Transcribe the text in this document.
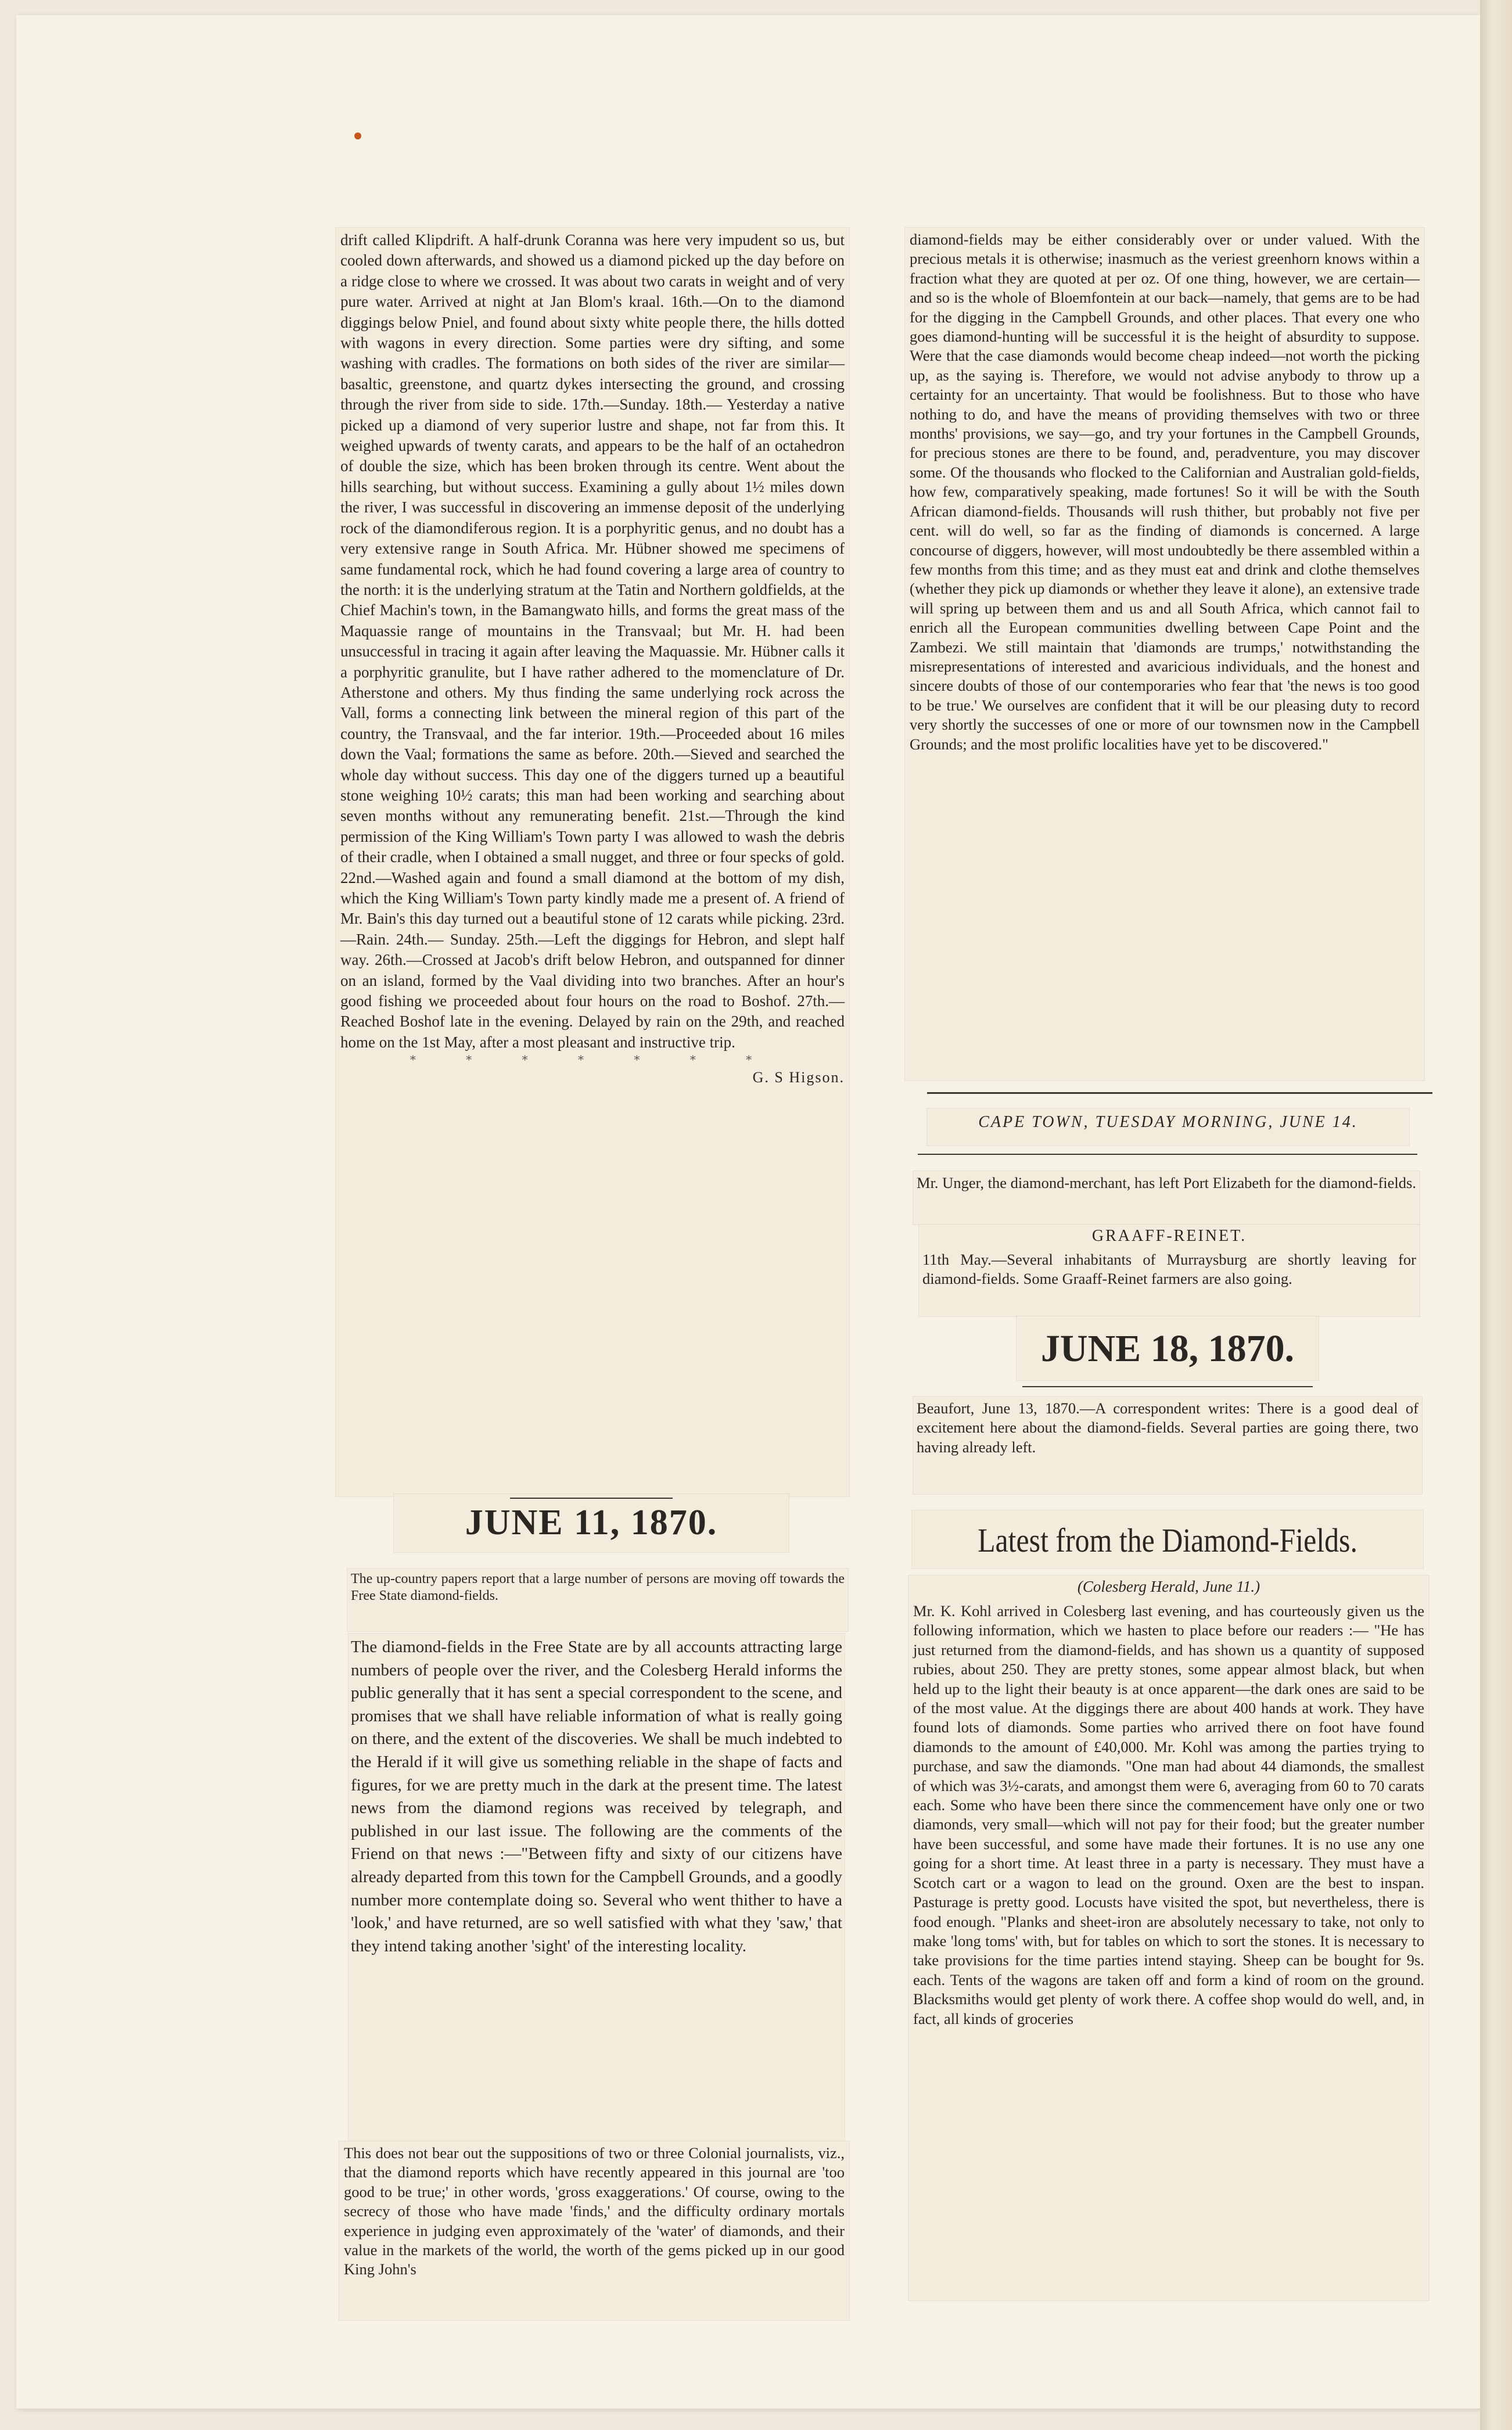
drift called Klipdrift. A half-drunk Coranna was here very impudent so us, but cooled down afterwards, and showed us a diamond picked up the day before on a ridge close to where we crossed. It was about two carats in weight and of very pure water. Arrived at night at Jan Blom's kraal. 16th.—On to the diamond diggings below Pniel, and found about sixty white people there, the hills dotted with wagons in every direction. Some parties were dry sifting, and some washing with cradles. The formations on both sides of the river are similar—basaltic, greenstone, and quartz dykes intersecting the ground, and crossing through the river from side to side. 17th.—Sunday. 18th.— Yesterday a native picked up a diamond of very superior lustre and shape, not far from this. It weighed upwards of twenty carats, and appears to be the half of an octahedron of double the size, which has been broken through its centre. Went about the hills searching, but without success. Examining a gully about 1½ miles down the river, I was successful in discovering an immense deposit of the underlying rock of the diamondiferous region. It is a porphyritic genus, and no doubt has a very extensive range in South Africa. Mr. Hübner showed me specimens of same fundamental rock, which he had found covering a large area of country to the north: it is the underlying stratum at the Tatin and Northern goldfields, at the Chief Machin's town, in the Bamangwato hills, and forms the great mass of the Maquassie range of mountains in the Transvaal; but Mr. H. had been unsuccessful in tracing it again after leaving the Maquassie. Mr. Hübner calls it a porphyritic granulite, but I have rather adhered to the momenclature of Dr. Atherstone and others. My thus finding the same underlying rock across the Vall, forms a connecting link between the mineral region of this part of the country, the Transvaal, and the far interior. 19th.—Proceeded about 16 miles down the Vaal; formations the same as before. 20th.—Sieved and searched the whole day without success. This day one of the diggers turned up a beautiful stone weighing 10½ carats; this man had been working and searching about seven months without any remunerating benefit. 21st.—Through the kind permission of the King William's Town party I was allowed to wash the debris of their cradle, when I obtained a small nugget, and three or four specks of gold. 22nd.—Washed again and found a small diamond at the bottom of my dish, which the King William's Town party kindly made me a present of. A friend of Mr. Bain's this day turned out a beautiful stone of 12 carats while picking. 23rd.—Rain. 24th.— Sunday. 25th.—Left the diggings for Hebron, and slept half way. 26th.—Crossed at Jacob's drift below Hebron, and outspanned for dinner on an island, formed by the Vaal dividing into two branches. After an hour's good fishing we proceeded about four hours on the road to Boshof. 27th.—Reached Boshof late in the evening. Delayed by rain on the 29th, and reached home on the 1st May, after a most pleasant and instructive trip.

* * * * * * *
G. S Higson.
JUNE 11, 1870.

The up-country papers report that a large number of persons are moving off towards the Free State diamond-fields.

The diamond-fields in the Free State are by all accounts attracting large numbers of people over the river, and the Colesberg Herald informs the public generally that it has sent a special correspondent to the scene, and promises that we shall have reliable information of what is really going on there, and the extent of the discoveries. We shall be much indebted to the Herald if it will give us something reliable in the shape of facts and figures, for we are pretty much in the dark at the present time. The latest news from the diamond regions was received by telegraph, and published in our last issue. The following are the comments of the Friend on that news :—"Between fifty and sixty of our citizens have already departed from this town for the Campbell Grounds, and a goodly number more contemplate doing so. Several who went thither to have a 'look,' and have returned, are so well satisfied with what they 'saw,' that they intend taking another 'sight' of the interesting locality.

This does not bear out the suppositions of two or three Colonial journalists, viz., that the diamond reports which have recently appeared in this journal are 'too good to be true;' in other words, 'gross exaggerations.' Of course, owing to the secrecy of those who have made 'finds,' and the difficulty ordinary mortals experience in judging even approximately of the 'water' of diamonds, and their value in the markets of the world, the worth of the gems picked up in our good King John's

diamond-fields may be either considerably over or under valued. With the precious metals it is otherwise; inasmuch as the veriest greenhorn knows within a fraction what they are quoted at per oz. Of one thing, however, we are certain—and so is the whole of Bloemfontein at our back—namely, that gems are to be had for the digging in the Campbell Grounds, and other places. That every one who goes diamond-hunting will be successful it is the height of absurdity to suppose. Were that the case diamonds would become cheap indeed—not worth the picking up, as the saying is. Therefore, we would not advise anybody to throw up a certainty for an uncertainty. That would be foolishness. But to those who have nothing to do, and have the means of providing themselves with two or three months' provisions, we say—go, and try your fortunes in the Campbell Grounds, for precious stones are there to be found, and, peradventure, you may discover some. Of the thousands who flocked to the Californian and Australian gold-fields, how few, comparatively speaking, made fortunes! So it will be with the South African diamond-fields. Thousands will rush thither, but probably not five per cent. will do well, so far as the finding of diamonds is concerned. A large concourse of diggers, however, will most undoubtedly be there assembled within a few months from this time; and as they must eat and drink and clothe themselves (whether they pick up diamonds or whether they leave it alone), an extensive trade will spring up between them and us and all South Africa, which cannot fail to enrich all the European communities dwelling between Cape Point and the Zambezi. We still maintain that 'diamonds are trumps,' notwithstanding the misrepresentations of interested and avaricious individuals, and the honest and sincere doubts of those of our contemporaries who fear that 'the news is too good to be true.' We ourselves are confident that it will be our pleasing duty to record very shortly the successes of one or more of our townsmen now in the Campbell Grounds; and the most prolific localities have yet to be discovered."

CAPE TOWN, TUESDAY MORNING, JUNE 14.

Mr. Unger, the diamond-merchant, has left Port Elizabeth for the diamond-fields.

GRAAFF-REINET.

11th May.—Several inhabitants of Murraysburg are shortly leaving for diamond-fields. Some Graaff-Reinet farmers are also going.

JUNE 18, 1870.

Beaufort, June 13, 1870.—A correspondent writes: There is a good deal of excitement here about the diamond-fields. Several parties are going there, two having already left.

Latest from the Diamond-Fields.
(Colesberg Herald, June 11.)

Mr. K. Kohl arrived in Colesberg last evening, and has courteously given us the following information, which we hasten to place before our readers :— "He has just returned from the diamond-fields, and has shown us a quantity of supposed rubies, about 250. They are pretty stones, some appear almost black, but when held up to the light their beauty is at once apparent—the dark ones are said to be of the most value. At the diggings there are about 400 hands at work. They have found lots of diamonds. Some parties who arrived there on foot have found diamonds to the amount of £40,000. Mr. Kohl was among the parties trying to purchase, and saw the diamonds. "One man had about 44 diamonds, the smallest of which was 3½-carats, and amongst them were 6, averaging from 60 to 70 carats each. Some who have been there since the commencement have only one or two diamonds, very small—which will not pay for their food; but the greater number have been successful, and some have made their fortunes. It is no use any one going for a short time. At least three in a party is necessary. They must have a Scotch cart or a wagon to lead on the ground. Oxen are the best to inspan. Pasturage is pretty good. Locusts have visited the spot, but nevertheless, there is food enough. "Planks and sheet-iron are absolutely necessary to take, not only to make 'long toms' with, but for tables on which to sort the stones. It is necessary to take provisions for the time parties intend staying. Sheep can be bought for 9s. each. Tents of the wagons are taken off and form a kind of room on the ground. Blacksmiths would get plenty of work there. A coffee shop would do well, and, in fact, all kinds of groceries
